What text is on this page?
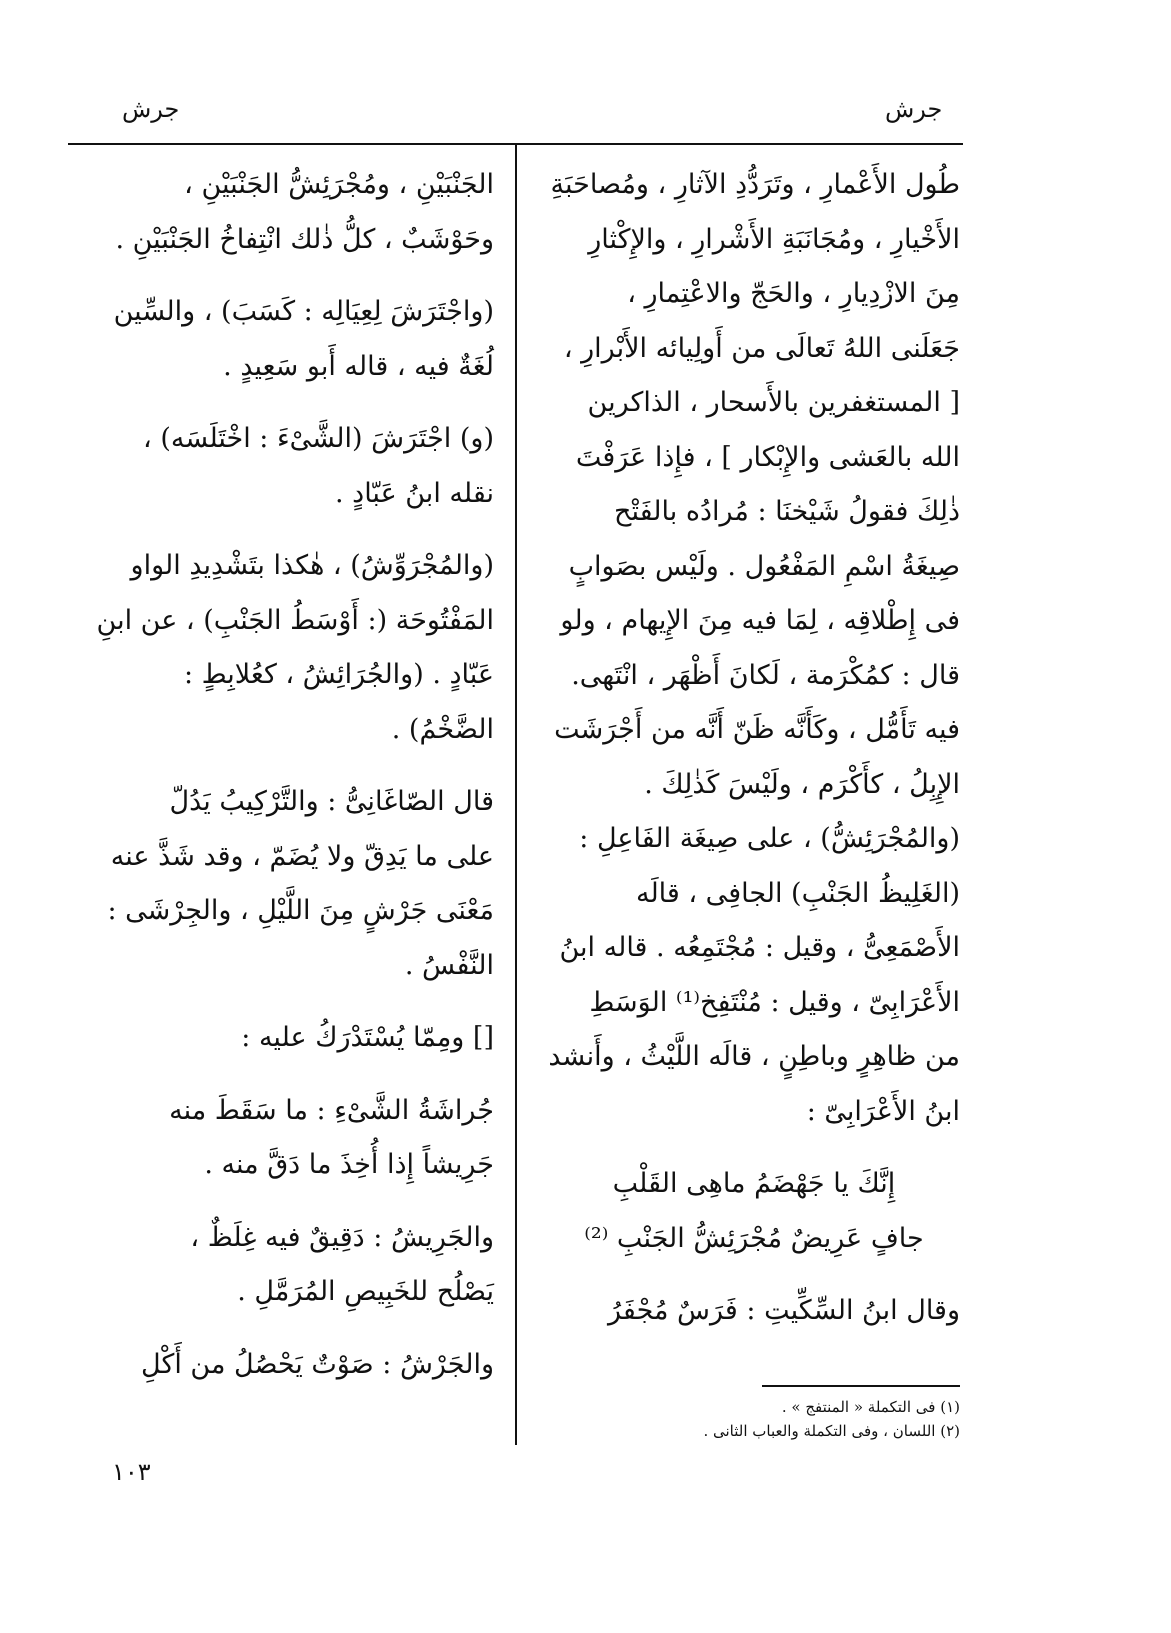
جرش
جرش

طُول الأَعْمارِ ، وتَرَدُّدِ الآثارِ ، ومُصاحَبَةِ

الأَخْيارِ ، ومُجَانَبَةِ الأَشْرارِ ، والإِكْثارِ

مِنَ الازْدِيارِ ، والحَجّ والاعْتِمارِ ،

جَعَلَنى اللهُ تَعالَى من أَولِيائه الأَبْرارِ ،

[ المستغفرين بالأَسحار ، الذاكرين

الله بالعَشى والإِبْكار ] ، فإِذا عَرَفْتَ

ذٰلِكَ فقولُ شَيْخنَا : مُرادُه بالفَتْح

صِيغَةُ اسْمِ المَفْعُول . ولَيْس بصَوابٍ

فى إِطْلاقِه ، لِمَا فيه مِنَ الإِيهام ، ولو

قال : كمُكْرَمة ، لَكانَ أَظْهَر ، انْتَهى.

فيه تَأَمُّل ، وكَأَنَّه ظَنّ أَنَّه من أَجْرَشَت

الإِبِلُ ، كأَكْرَم ، ولَيْسَ كَذٰلِكَ .

(والمُجْرَئِشُّ) ، على صِيغَة الفَاعِلِ :

(الغَلِيظُ الجَنْبِ) الجافِى ، قالَه

الأَصْمَعِىُّ ، وقيل : مُجْتَمِعُه . قاله ابنُ

الأَعْرَابِىّ ، وقيل : مُنْتَفِخ⁽¹⁾ الوَسَطِ

من ظاهِرٍ وباطِنٍ ، قالَه اللَّيْثُ ، وأَنشد

ابنُ الأَعْرَابِىّ :

إِنَّكَ يا جَهْضَمُ ماهِى القَلْبِ

جافٍ عَرِيضٌ مُجْرَئِشُّ الجَنْبِ ⁽²⁾

وقال ابنُ السِّكِّيتِ : فَرَسٌ مُجْفَرُ

الجَنْبَيْنِ ، ومُجْرَئِشُّ الجَنْبَيْنِ ،

وحَوْشَبٌ ، كلُّ ذٰلك انْتِفاخُ الجَنْبَيْنِ .

(واجْتَرَشَ لِعِيَالِه : كَسَبَ) ، والسِّين

لُغَةٌ فيه ، قاله أَبو سَعِيدٍ .

(و) اجْتَرَشَ (الشَّىْءَ : اخْتَلَسَه) ،

نقله ابنُ عَبّادٍ .

(والمُجْرَوِّشُ) ، هٰكذا بتَشْدِيدِ الواو

المَفْتُوحَة (: أَوْسَطُ الجَنْبِ) ، عن ابنِ

عَبّادٍ . (والجُرَائِشُ ، كعُلابِطٍ :

الضَّخْمُ) .

قال الصّاغَانِىُّ : والتَّرْكِيبُ يَدُلّ

على ما يَدِقّ ولا يُضَمّ ، وقد شَذَّ عنه

مَعْنَى جَرْشٍ مِنَ اللَّيْلِ ، والجِرْشَى :

النَّفْسُ .

[] ومِمّا يُسْتَدْرَكُ عليه :

جُراشَةُ الشَّىْءِ : ما سَقَطَ منه

جَرِيشاً إِذا أُخِذَ ما دَقَّ منه .

والجَرِيشُ : دَقِيقٌ فيه غِلَظٌ ،

يَصْلُح للخَبِيصِ المُرَمَّلِ .

والجَرْشُ : صَوْتٌ يَحْصُلُ من أَكْلِ

(١) فى التكملة « المنتفج » .
(٢) اللسان ، وفى التكملة والعباب الثانى .
١٠٣
